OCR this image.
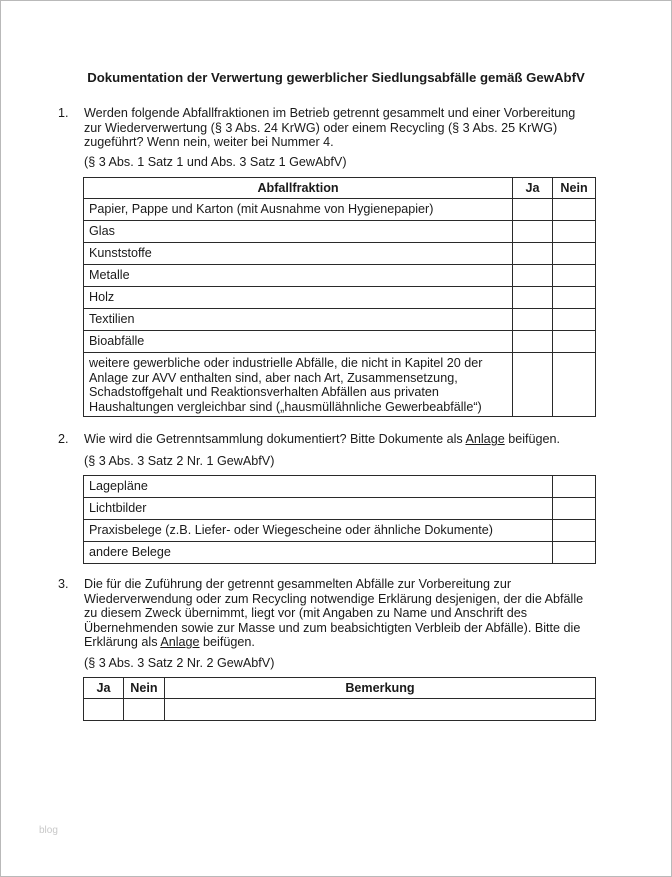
Dokumentation der Verwertung gewerblicher Siedlungsabfälle gemäß GewAbfV
1. Werden folgende Abfallfraktionen im Betrieb getrennt gesammelt und einer Vorbereitung
zur Wiederverwertung (§ 3 Abs. 24 KrWG) oder einem Recycling (§ 3 Abs. 25 KrWG)
zugeführt? Wenn nein, weiter bei Nummer 4.
(§ 3 Abs. 1 Satz 1 und Abs. 3 Satz 1 GewAbfV)
Abfallfraktion	Ja	Nein
Papier, Pappe und Karton (mit Ausnahme von Hygienepapier)		
Glas		
Kunststoffe		
Metalle		
Holz		
Textilien		
Bioabfälle		

weitere gewerbliche oder industrielle Abfälle, die nicht in Kapitel 20 der
Anlage zur AVV enthalten sind, aber nach Art, Zusammensetzung,
Schadstoffgehalt und Reaktionsverhalten Abfällen aus privaten
Haushaltungen vergleichbar sind („hausmüllähnliche Gewerbeabfälle“)		

2. Wie wird die Getrenntsammlung dokumentiert? Bitte Dokumente als Anlage beifügen.
(§ 3 Abs. 3 Satz 2 Nr. 1 GewAbfV)
Lagepläne	
Lichtbilder	
Praxisbelege (z.B. Liefer- oder Wiegescheine oder ähnliche Dokumente)	
andere Belege	
3. Die für die Zuführung der getrennt gesammelten Abfälle zur Vorbereitung zur
Wiederverwendung oder zum Recycling notwendige Erklärung desjenigen, der die Abfälle
zu diesem Zweck übernimmt, liegt vor (mit Angaben zu Name und Anschrift des
Übernehmenden sowie zur Masse und zum beabsichtigten Verbleib der Abfälle). Bitte die
Erklärung als Anlage beifügen.
(§ 3 Abs. 3 Satz 2 Nr. 2 GewAbfV)
Ja	Nein	Bemerkung

blog
